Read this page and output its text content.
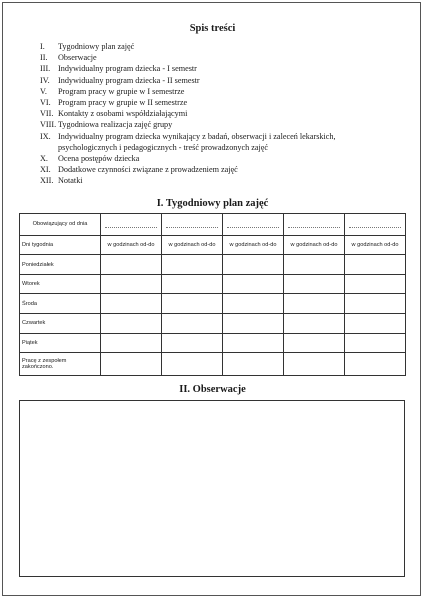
Spis treści
I.	Tygodniowy plan zajęć
II.	Obserwacje
III. Indywidualny program dziecka - I semestr
IV.	Indywidualny program dziecka - II semestr
V.	Program pracy w grupie w I semestrze
VI. Program pracy w grupie w II semestrze
VII. Kontakty z osobami współdziałającymi
VIII. Tygodniowa realizacja zajęć grupy
IX. Indywidualny program dziecka wynikający z badań, obserwacji i zaleceń lekarskich, psychologicznych i pedagogicznych - treść prowadzonych zajęć
X.	Ocena postępów dziecka
XI. Dodatkowe czynności związane z prowadzeniem zajęć
XII. Notatki
I. Tygodniowy plan zajęć
Obowiązujący od dnia	

Dni tygodnia	w godzinach od-do	w godzinach od-do	w godzinach od-do	w godzinach od-do	w godzinach od-do
Poniedziałek					
Wtorek					
Środa					
Czwartek					
Piątek					
Pracę z zespołem zakończono.					
II. Obserwacje
